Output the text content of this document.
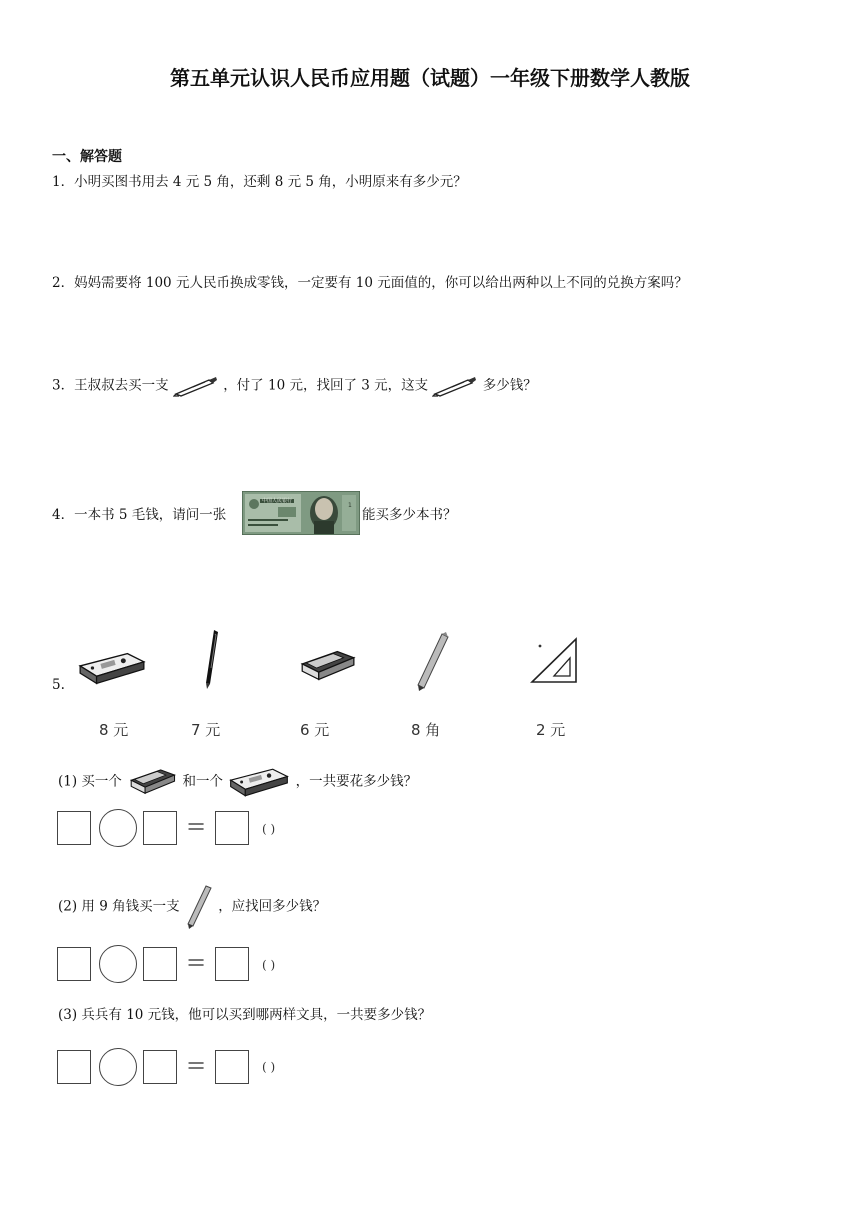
第五单元认识人民币应用题（试题）一年级下册数学人教版
一、解答题
1．小明买图书用去 4 元 5 角，还剩 8 元 5 角，小明原来有多少元？
2．妈妈需要将 100 元人民币换成零钱，一定要有 10 元面值的，你可以给出两种以上不同的兑换方案吗？
3．王叔叔去买一支	，付了 10 元，找回了 3 元，这支	多少钱？
4．一本书 5 毛钱，请问一张
1
中国人民银行
能买多少本书？
5.
8 元	7 元	6 元	8 角	2 元
(1) 买一个	和一个	，一共要花多少钱？
=	( )
(2) 用 9 角钱买一支	，应找回多少钱？
=	( )
(3) 兵兵有 10 元钱，他可以买到哪两样文具，一共要多少钱？
=	( )
